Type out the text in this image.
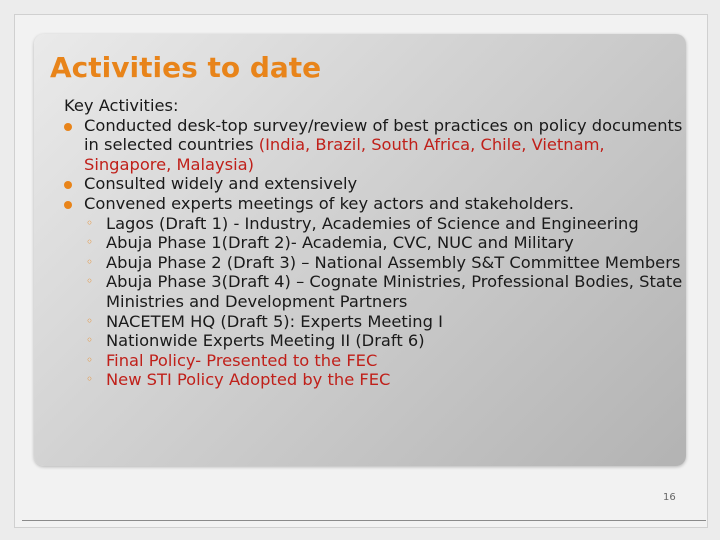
Activities to date

Key Activities:

Conducted desk-top survey/review of best practices on policy documents in selected countries (India, Brazil, South Africa, Chile, Vietnam, Singapore, Malaysia)
Consulted widely and extensively
Convened experts meetings of key actors and stakeholders.
◦ Lagos (Draft 1) - Industry, Academies of Science and Engineering
◦ Abuja Phase 1(Draft 2)- Academia, CVC, NUC and Military
◦ Abuja Phase 2 (Draft 3) – National Assembly S&T Committee Members
◦ Abuja Phase 3(Draft 4) – Cognate Ministries, Professional Bodies, State Ministries and Development Partners
◦ NACETEM HQ (Draft 5): Experts Meeting I
◦ Nationwide Experts Meeting II (Draft 6)
◦ Final Policy- Presented to the FEC
◦ New STI Policy Adopted by the FEC
16
